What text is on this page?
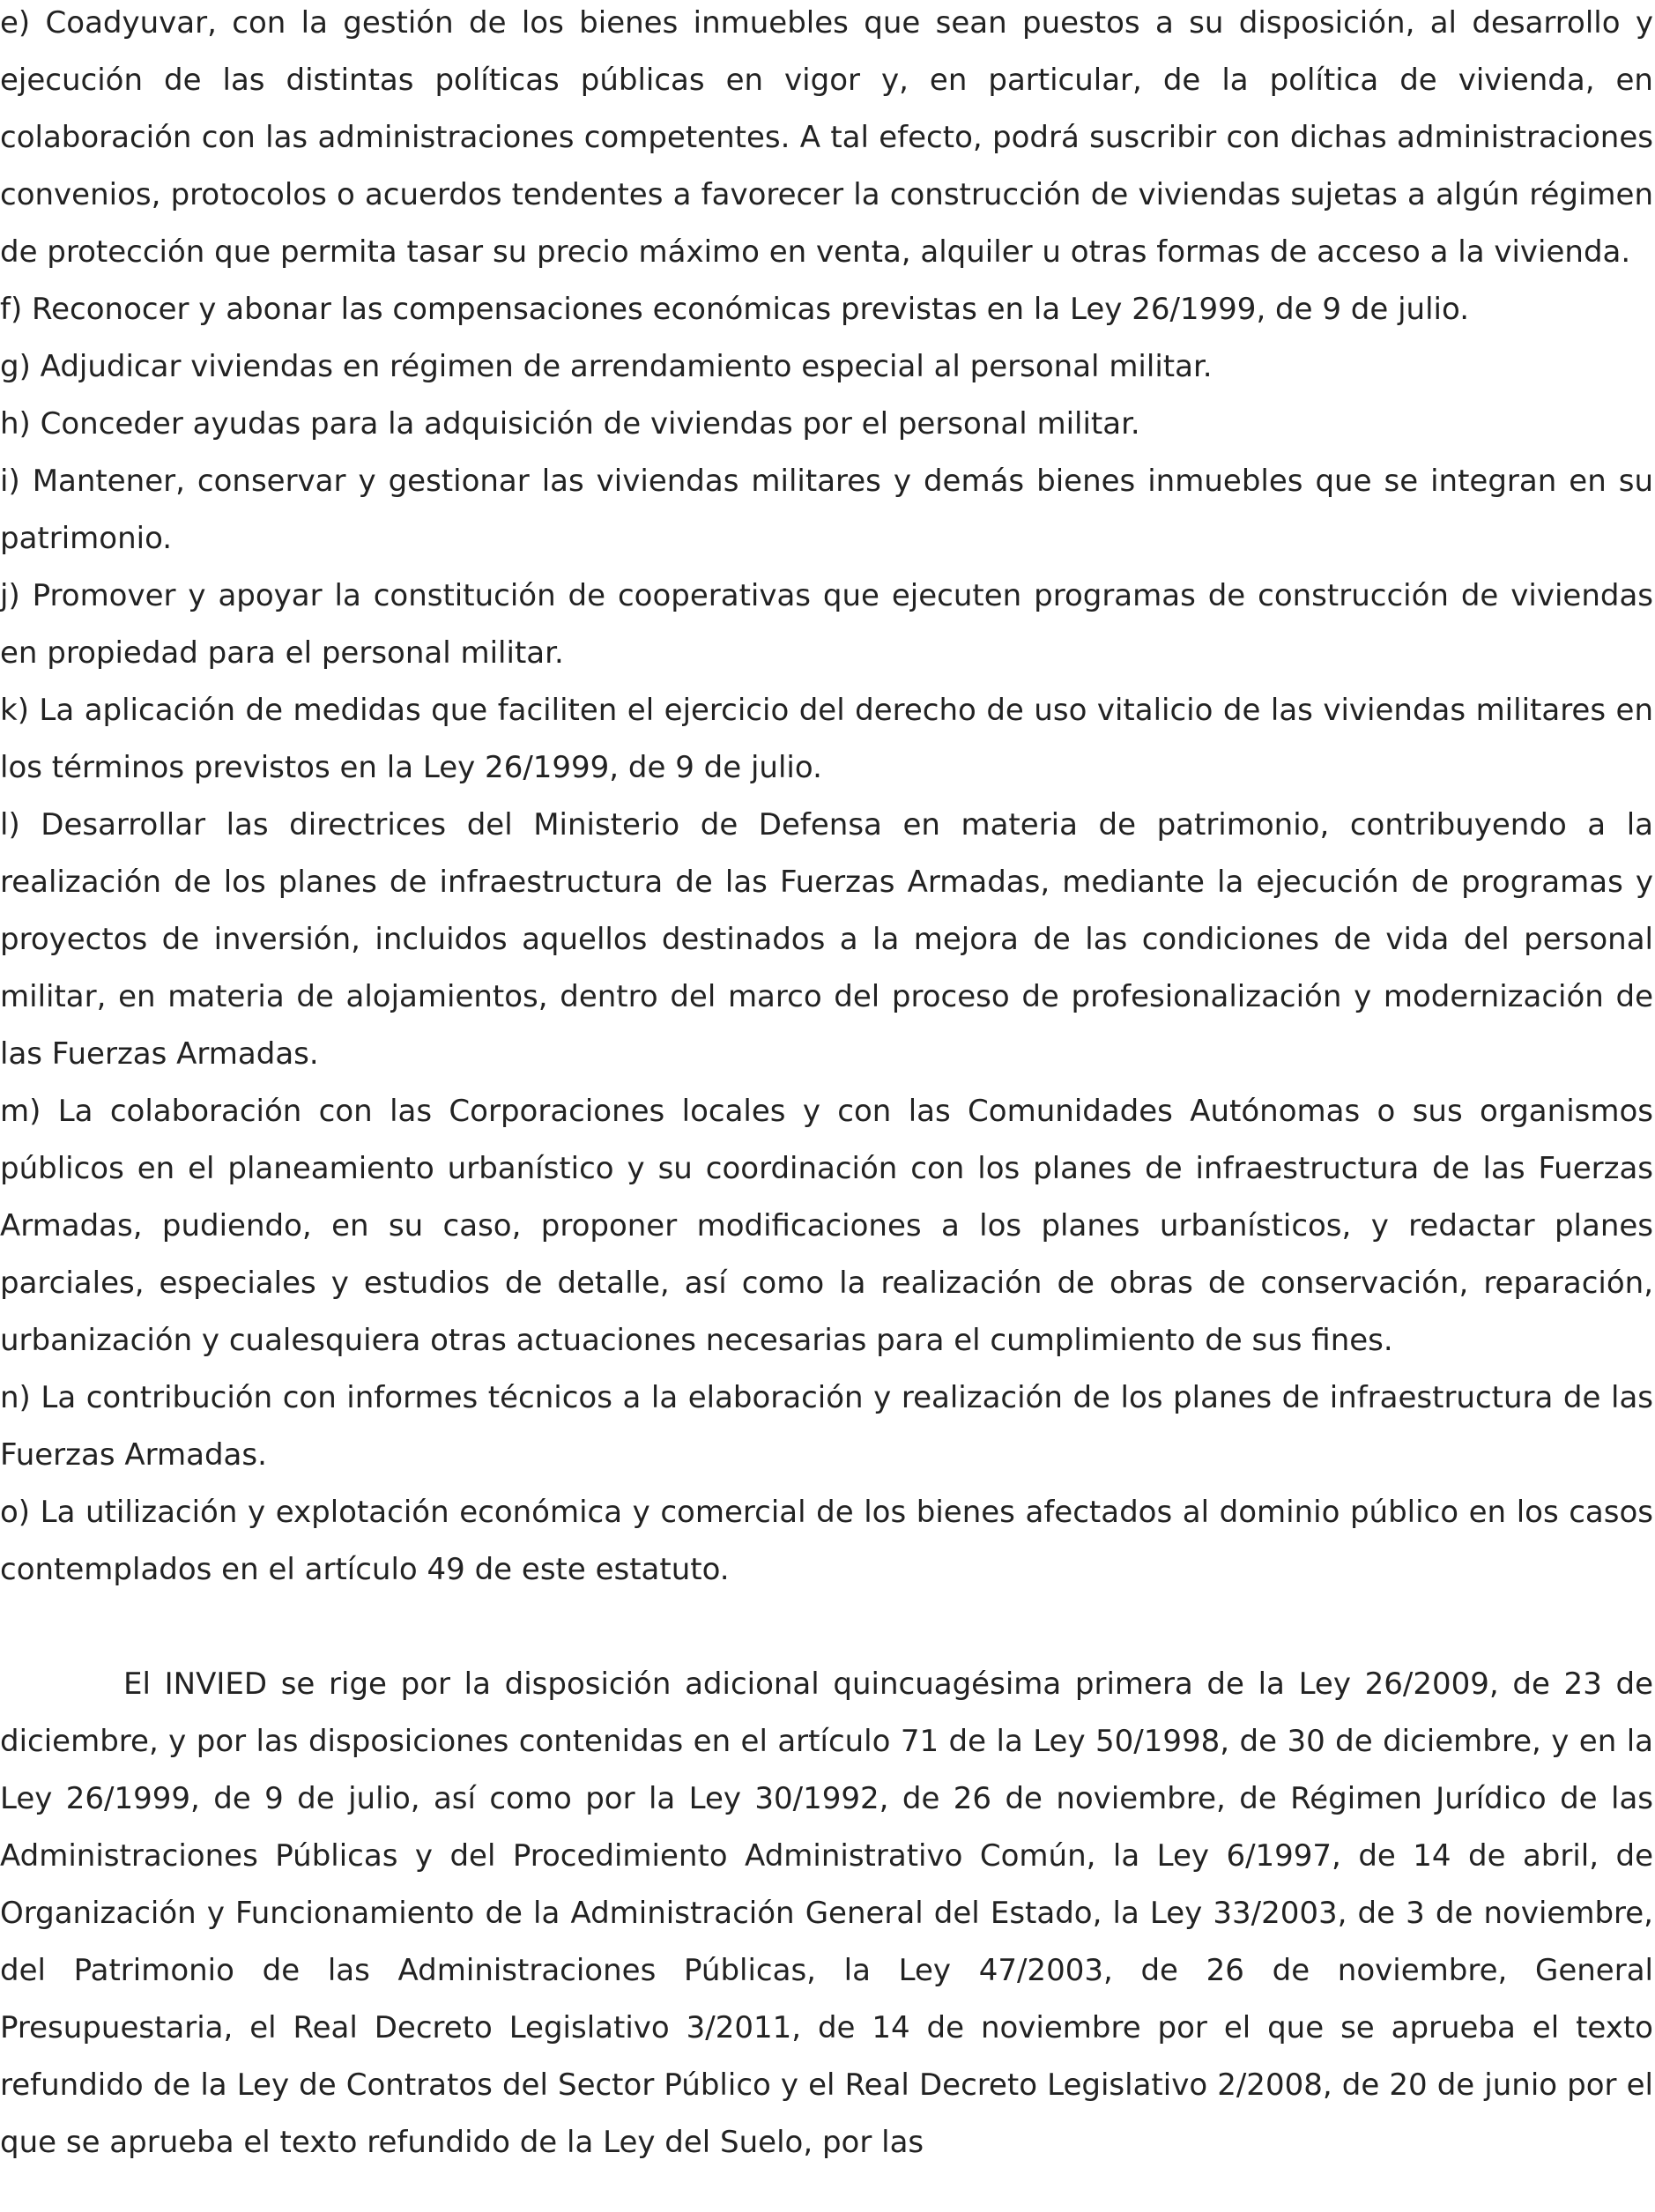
e) Coadyuvar, con la gestión de los bienes inmuebles que sean puestos a su disposición, al desarrollo y ejecución de las distintas políticas públicas en vigor y, en particular, de la política de vivienda, en colaboración con las administraciones competentes. A tal efecto, podrá suscribir con dichas administraciones convenios, protocolos o acuerdos tendentes a favorecer la construcción de viviendas sujetas a algún régimen de protección que permita tasar su precio máximo en venta, alquiler u otras formas de acceso a la vivienda.

f) Reconocer y abonar las compensaciones económicas previstas en la Ley 26/1999, de 9 de julio.

g) Adjudicar viviendas en régimen de arrendamiento especial al personal militar.

h) Conceder ayudas para la adquisición de viviendas por el personal militar.

i) Mantener, conservar y gestionar las viviendas militares y demás bienes inmuebles que se integran en su patrimonio.

j) Promover y apoyar la constitución de cooperativas que ejecuten programas de construcción de viviendas en propiedad para el personal militar.

k) La aplicación de medidas que faciliten el ejercicio del derecho de uso vitalicio de las viviendas militares en los términos previstos en la Ley 26/1999, de 9 de julio.

l) Desarrollar las directrices del Ministerio de Defensa en materia de patrimonio, contribuyendo a la realización de los planes de infraestructura de las Fuerzas Armadas, mediante la ejecución de programas y proyectos de inversión, incluidos aquellos destinados a la mejora de las condiciones de vida del personal militar, en materia de alojamientos, dentro del marco del proceso de profesionalización y modernización de las Fuerzas Armadas.

m) La colaboración con las Corporaciones locales y con las Comunidades Autónomas o sus organismos públicos en el planeamiento urbanístico y su coordinación con los planes de infraestructura de las Fuerzas Armadas, pudiendo, en su caso, proponer modificaciones a los planes urbanísticos, y redactar planes parciales, especiales y estudios de detalle, así como la realización de obras de conservación, reparación, urbanización y cualesquiera otras actuaciones necesarias para el cumplimiento de sus fines.

n) La contribución con informes técnicos a la elaboración y realización de los planes de infraestructura de las Fuerzas Armadas.

o) La utilización y explotación económica y comercial de los bienes afectados al dominio público en los casos contemplados en el artículo 49 de este estatuto.

El INVIED se rige por la disposición adicional quincuagésima primera de la Ley 26/2009, de 23 de diciembre, y por las disposiciones contenidas en el artículo 71 de la Ley 50/1998, de 30 de diciembre, y en la Ley 26/1999, de 9 de julio, así como por la Ley 30/1992, de 26 de noviembre, de Régimen Jurídico de las Administraciones Públicas y del Procedimiento Administrativo Común, la Ley 6/1997, de 14 de abril, de Organización y Funcionamiento de la Administración General del Estado, la Ley 33/2003, de 3 de noviembre, del Patrimonio de las Administraciones Públicas, la Ley 47/2003, de 26 de noviembre, General Presupuestaria, el Real Decreto Legislativo 3/2011, de 14 de noviembre por el que se aprueba el texto refundido de la Ley de Contratos del Sector Público y el Real Decreto Legislativo 2/2008, de 20 de junio por el que se aprueba el texto refundido de la Ley del Suelo, por las
